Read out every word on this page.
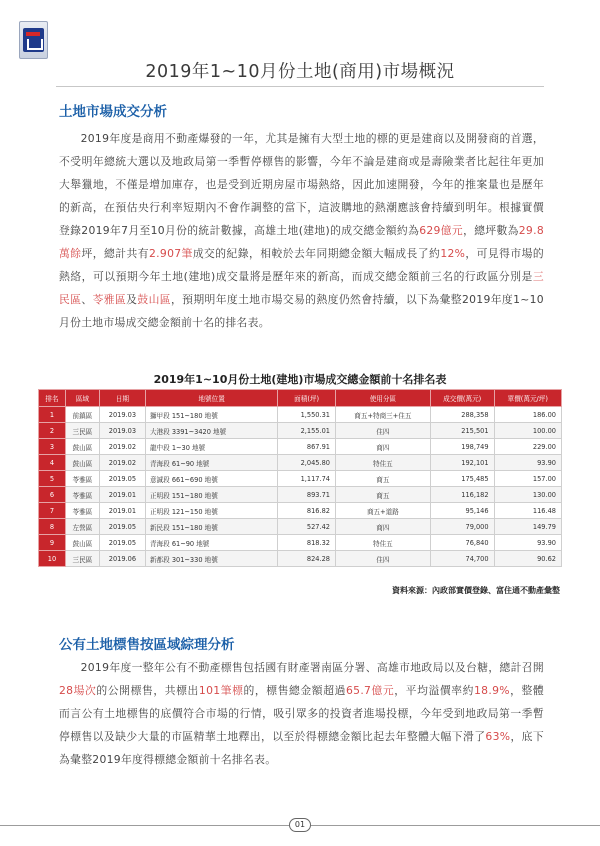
2019年1~10月份土地(商用)市場概況
土地市場成交分析
2019年度是商用不動產爆發的一年，尤其是擁有大型土地的標的更是建商以及開發商的首選，不受明年總統大選以及地政局第一季暫停標售的影響，今年不論是建商或是壽險業者比起往年更加大舉獵地，不僅是增加庫存，也是受到近期房屋市場熱絡，因此加速開發，今年的推案量也是歷年的新高，在預估央行利率短期內不會作調整的當下，這波購地的熱潮應該會持續到明年。根據實價登錄2019年7月至10月份的統計數據，高雄土地(建地)的成交總金額約為629億元，總坪數為29.8萬餘坪，總計共有2.907筆成交的紀錄，相較於去年同期總金額大幅成長了約12%，可見得市場的熱絡，可以預期今年土地(建地)成交量將是歷年來的新高，而成交總金額前三名的行政區分別是三民區、苓雅區及鼓山區，預期明年度土地市場交易的熱度仍然會持續，以下為彙整2019年度1~10月份土地市場成交總金額前十名的排名表。
2019年1~10月份土地(建地)市場成交總金額前十名排名表
排名	區域	日期	地號位置	面積(坪)	使用分區	成交價(萬元)	單價(萬元/坪)
1	前鎮區	2019.03	獅甲段 151~180 地號	1,550.31	商五+特商三+住五	288,358	186.00
2	三民區	2019.03	大港段 3391~3420 地號	2,155.01	住四	215,501	100.00
3	鼓山區	2019.02	龍中段 1~30 地號	867.91	商四	198,749	229.00
4	鼓山區	2019.02	青海段 61~90 地號	2,045.80	特住五	192,101	93.90
5	苓雅區	2019.05	意誠段 661~690 地號	1,117.74	商五	175,485	157.00
6	苓雅區	2019.01	正明段 151~180 地號	893.71	商五	116,182	130.00
7	苓雅區	2019.01	正明段 121~150 地號	816.82	商五+道路	95,146	116.48
8	左營區	2019.05	新民段 151~180 地號	527.42	商四	79,000	149.79
9	鼓山區	2019.05	青海段 61~90 地號	818.32	特住五	76,840	93.90
10	三民區	2019.06	新都段 301~330 地號	824.28	住四	74,700	90.62
資料來源：內政部實價登錄、富住通不動產彙整
公有土地標售按區域綜理分析
2019年度一整年公有不動產標售包括國有財產署南區分署、高雄市地政局以及台糖，總計召開28場次的公開標售，共標出101筆標的，標售總金額超過65.7億元，平均溢價率約18.9%，整體而言公有土地標售的底價符合市場的行情，吸引眾多的投資者進場投標，今年受到地政局第一季暫停標售以及缺少大量的市區精華土地釋出，以至於得標總金額比起去年整體大幅下滑了63%，底下為彙整2019年度得標總金額前十名排名表。
01
